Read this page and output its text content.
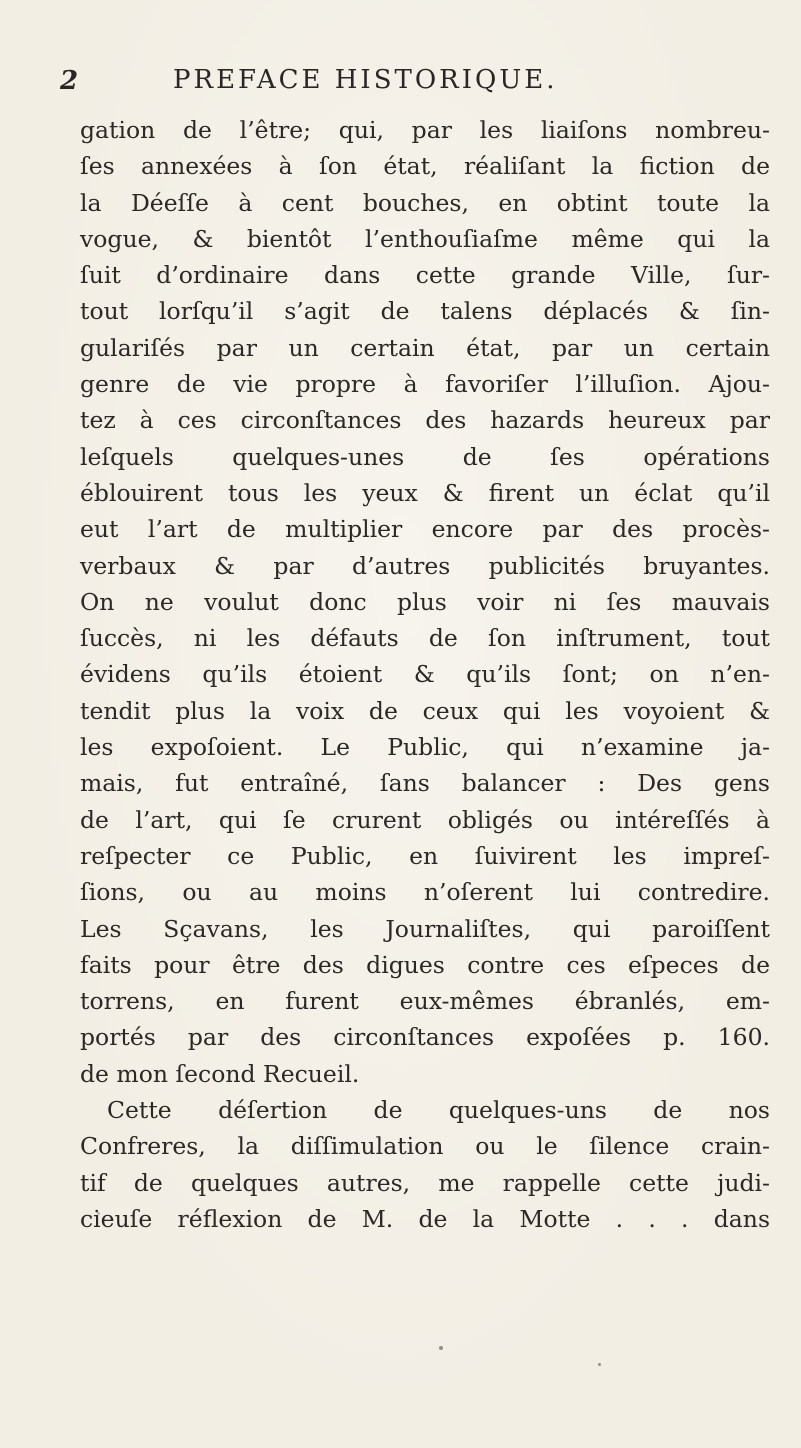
2	PREFACE HISTORIQUE.
gation de l’être; qui, par les liaiſons nombreu-
ſes annexées à ſon état, réaliſant la fiction de
la Déeſſe à cent bouches, en obtint toute la
vogue, & bientôt l’enthouſiaſme même qui la
ſuit d’ordinaire dans cette grande Ville, ſur-
tout lorſqu’il s’agit de talens déplacés & ſin-
gulariſés par un certain état, par un certain
genre de vie propre à favoriſer l’illuſion. Ajou-
tez à ces circonſtances des hazards heureux par
leſquels quelques-unes de ſes opérations
éblouirent tous les yeux & firent un éclat qu’il
eut l’art de multiplier encore par des procès-
verbaux & par d’autres publicités bruyantes.
On ne voulut donc plus voir ni ſes mauvais
ſuccès, ni les défauts de ſon inſtrument, tout
évidens qu’ils étoient & qu’ils ſont; on n’en-
tendit plus la voix de ceux qui les voyoient &
les expoſoient. Le Public, qui n’examine ja-
mais, fut entraîné, ſans balancer : Des gens
de l’art, qui ſe crurent obligés ou intéreſſés à
reſpecter ce Public, en ſuivirent les impreſ-
ſions, ou au moins n’oſerent lui contredire.
Les Sçavans, les Journaliſtes, qui paroiſſent
faits pour être des digues contre ces eſpeces de
torrens, en furent eux-mêmes ébranlés, em-
portés par des circonſtances expoſées p. 160.
de mon ſecond Recueil.
Cette déſertion de quelques-uns de nos
Confreres, la diſſimulation ou le ſilence crain-
tif de quelques autres, me rappelle cette judi-
cieuſe réflexion de M. de la Motte . . . dans
